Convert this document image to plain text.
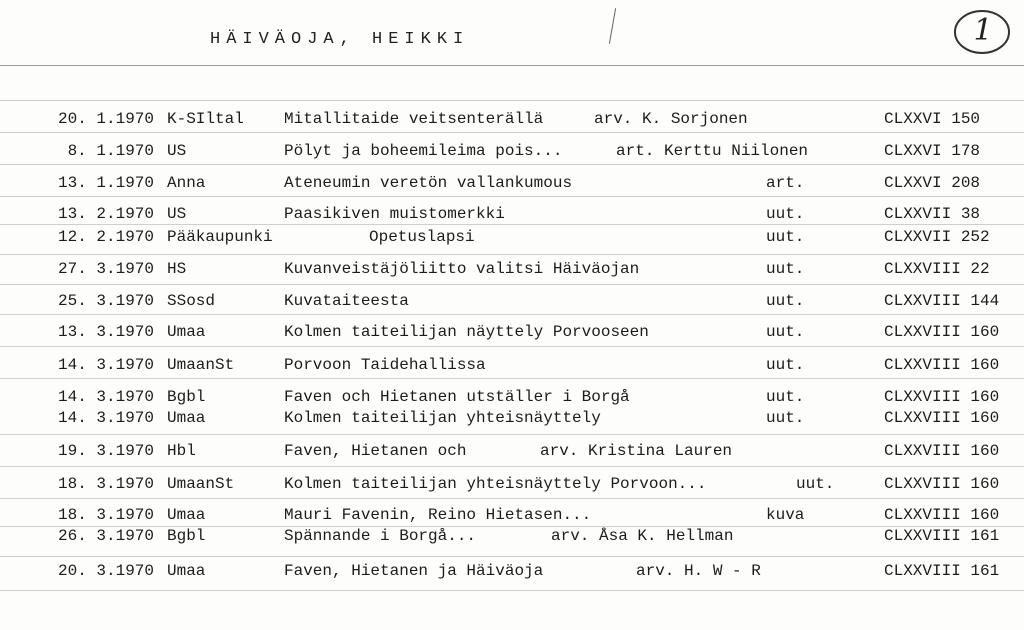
HÄIVÄOJA, HEIKKI	1
20. 1.1970 K-SIltal	Mitallitaide veitsenterällä	arv. K. Sorjonen	CLXXVI 150
8. 1.1970 US	Pölyt ja boheemileima pois...	art. Kerttu Niilonen	CLXXVI 178
13. 1.1970 Anna	Ateneumin veretön vallankumous	art.	CLXXVI 208
13. 2.1970 US	Paasikiven muistomerkki	uut.	CLXXVII 38
12. 2.1970 Pääkaupunki	Opetuslapsi	uut.	CLXXVII 252
27. 3.1970 HS	Kuvanveistäjöliitto valitsi Häiväojan	uut.	CLXXVIII 22
25. 3.1970 SSosd	Kuvataiteesta	uut.	CLXXVIII 144
13. 3.1970 Umaa	Kolmen taiteilijan näyttely Porvooseen	uut.	CLXXVIII 160
14. 3.1970 UmaanSt	Porvoon Taidehallissa	uut.	CLXXVIII 160
14. 3.1970 Bgbl	Faven och Hietanen utställer i Borgå	uut.	CLXXVIII 160
14. 3.1970 Umaa	Kolmen taiteilijan yhteisnäyttely	uut.	CLXXVIII 160
19. 3.1970 Hbl	Faven, Hietanen och	arv. Kristina Lauren	CLXXVIII 160
18. 3.1970 UmaanSt	Kolmen taiteilijan yhteisnäyttely Porvoon...	uut.	CLXXVIII 160
18. 3.1970 Umaa	Mauri Favenin, Reino Hietasen...	kuva	CLXXVIII 160
26. 3.1970 Bgbl	Spännande i Borgå...	arv. Åsa K. Hellman	CLXXVIII 161
20. 3.1970 Umaa	Faven, Hietanen ja Häiväoja	arv. H. W - R	CLXXVIII 161
